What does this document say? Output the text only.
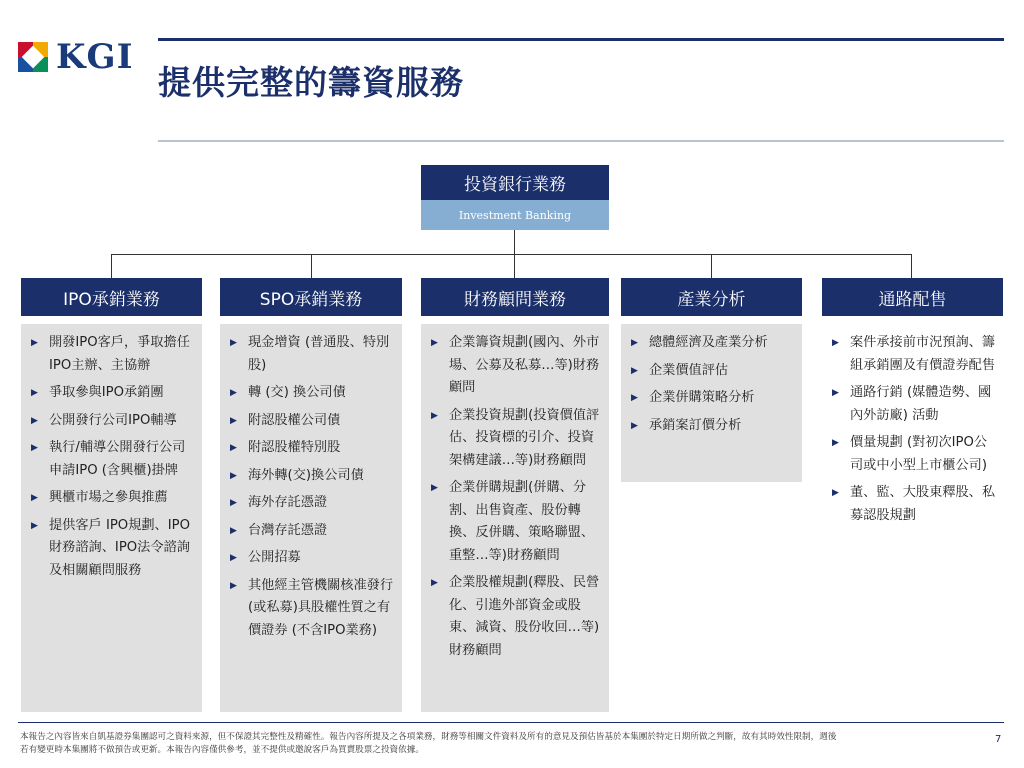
KGI
提供完整的籌資服務
投資銀行業務
Investment Banking
IPO承銷業務
▶ 開發IPO客戶，爭取擔任IPO主辦、主協辦
▶ 爭取參與IPO承銷團
▶ 公開發行公司IPO輔導
▶ 執行/輔導公開發行公司申請IPO (含興櫃)掛牌
▶ 興櫃市場之參與推薦
▶ 提供客戶 IPO規劃、IPO財務諮詢、IPO法令諮詢及相關顧問服務
SPO承銷業務
▶ 現金增資 (普通股、特別股)
▶ 轉 (交) 換公司債
▶ 附認股權公司債
▶ 附認股權特別股
▶ 海外轉(交)換公司債
▶ 海外存託憑證
▶ 台灣存託憑證
▶ 公開招募
▶ 其他經主管機關核准發行(或私募)具股權性質之有價證券 (不含IPO業務)
財務顧問業務
▶ 企業籌資規劃(國內、外市場、公募及私募…等)財務顧問
▶ 企業投資規劃(投資價值評估、投資標的引介、投資架構建議…等)財務顧問
▶ 企業併購規劃(併購、分割、出售資產、股份轉換、反併購、策略聯盟、重整…等)財務顧問
▶ 企業股權規劃(釋股、民營化、引進外部資金或股東、減資、股份收回…等)財務顧問
產業分析
▶ 總體經濟及產業分析
▶ 企業價值評估
▶ 企業併購策略分析
▶ 承銷案訂價分析
通路配售
▶ 案件承接前市況預詢、籌組承銷團及有價證券配售
▶ 通路行銷 (媒體造勢、國內外訪廠) 活動
▶ 價量規劃 (對初次IPO公司或中小型上市櫃公司)
▶ 董、監、大股東釋股、私募認股規劃
本報告之內容皆來自凱基證券集團認可之資料來源，但不保證其完整性及精確性。報告內容所提及之各項業務，財務等相關文件資料及所有的意見及預估皆基於本集團於特定日期所做之判斷，故有其時效性限制，週後若有變更時本集團將不做預告或更新。本報告內容僅供參考，並不提供或邀說客戶為買賣股票之投資依據。
7
